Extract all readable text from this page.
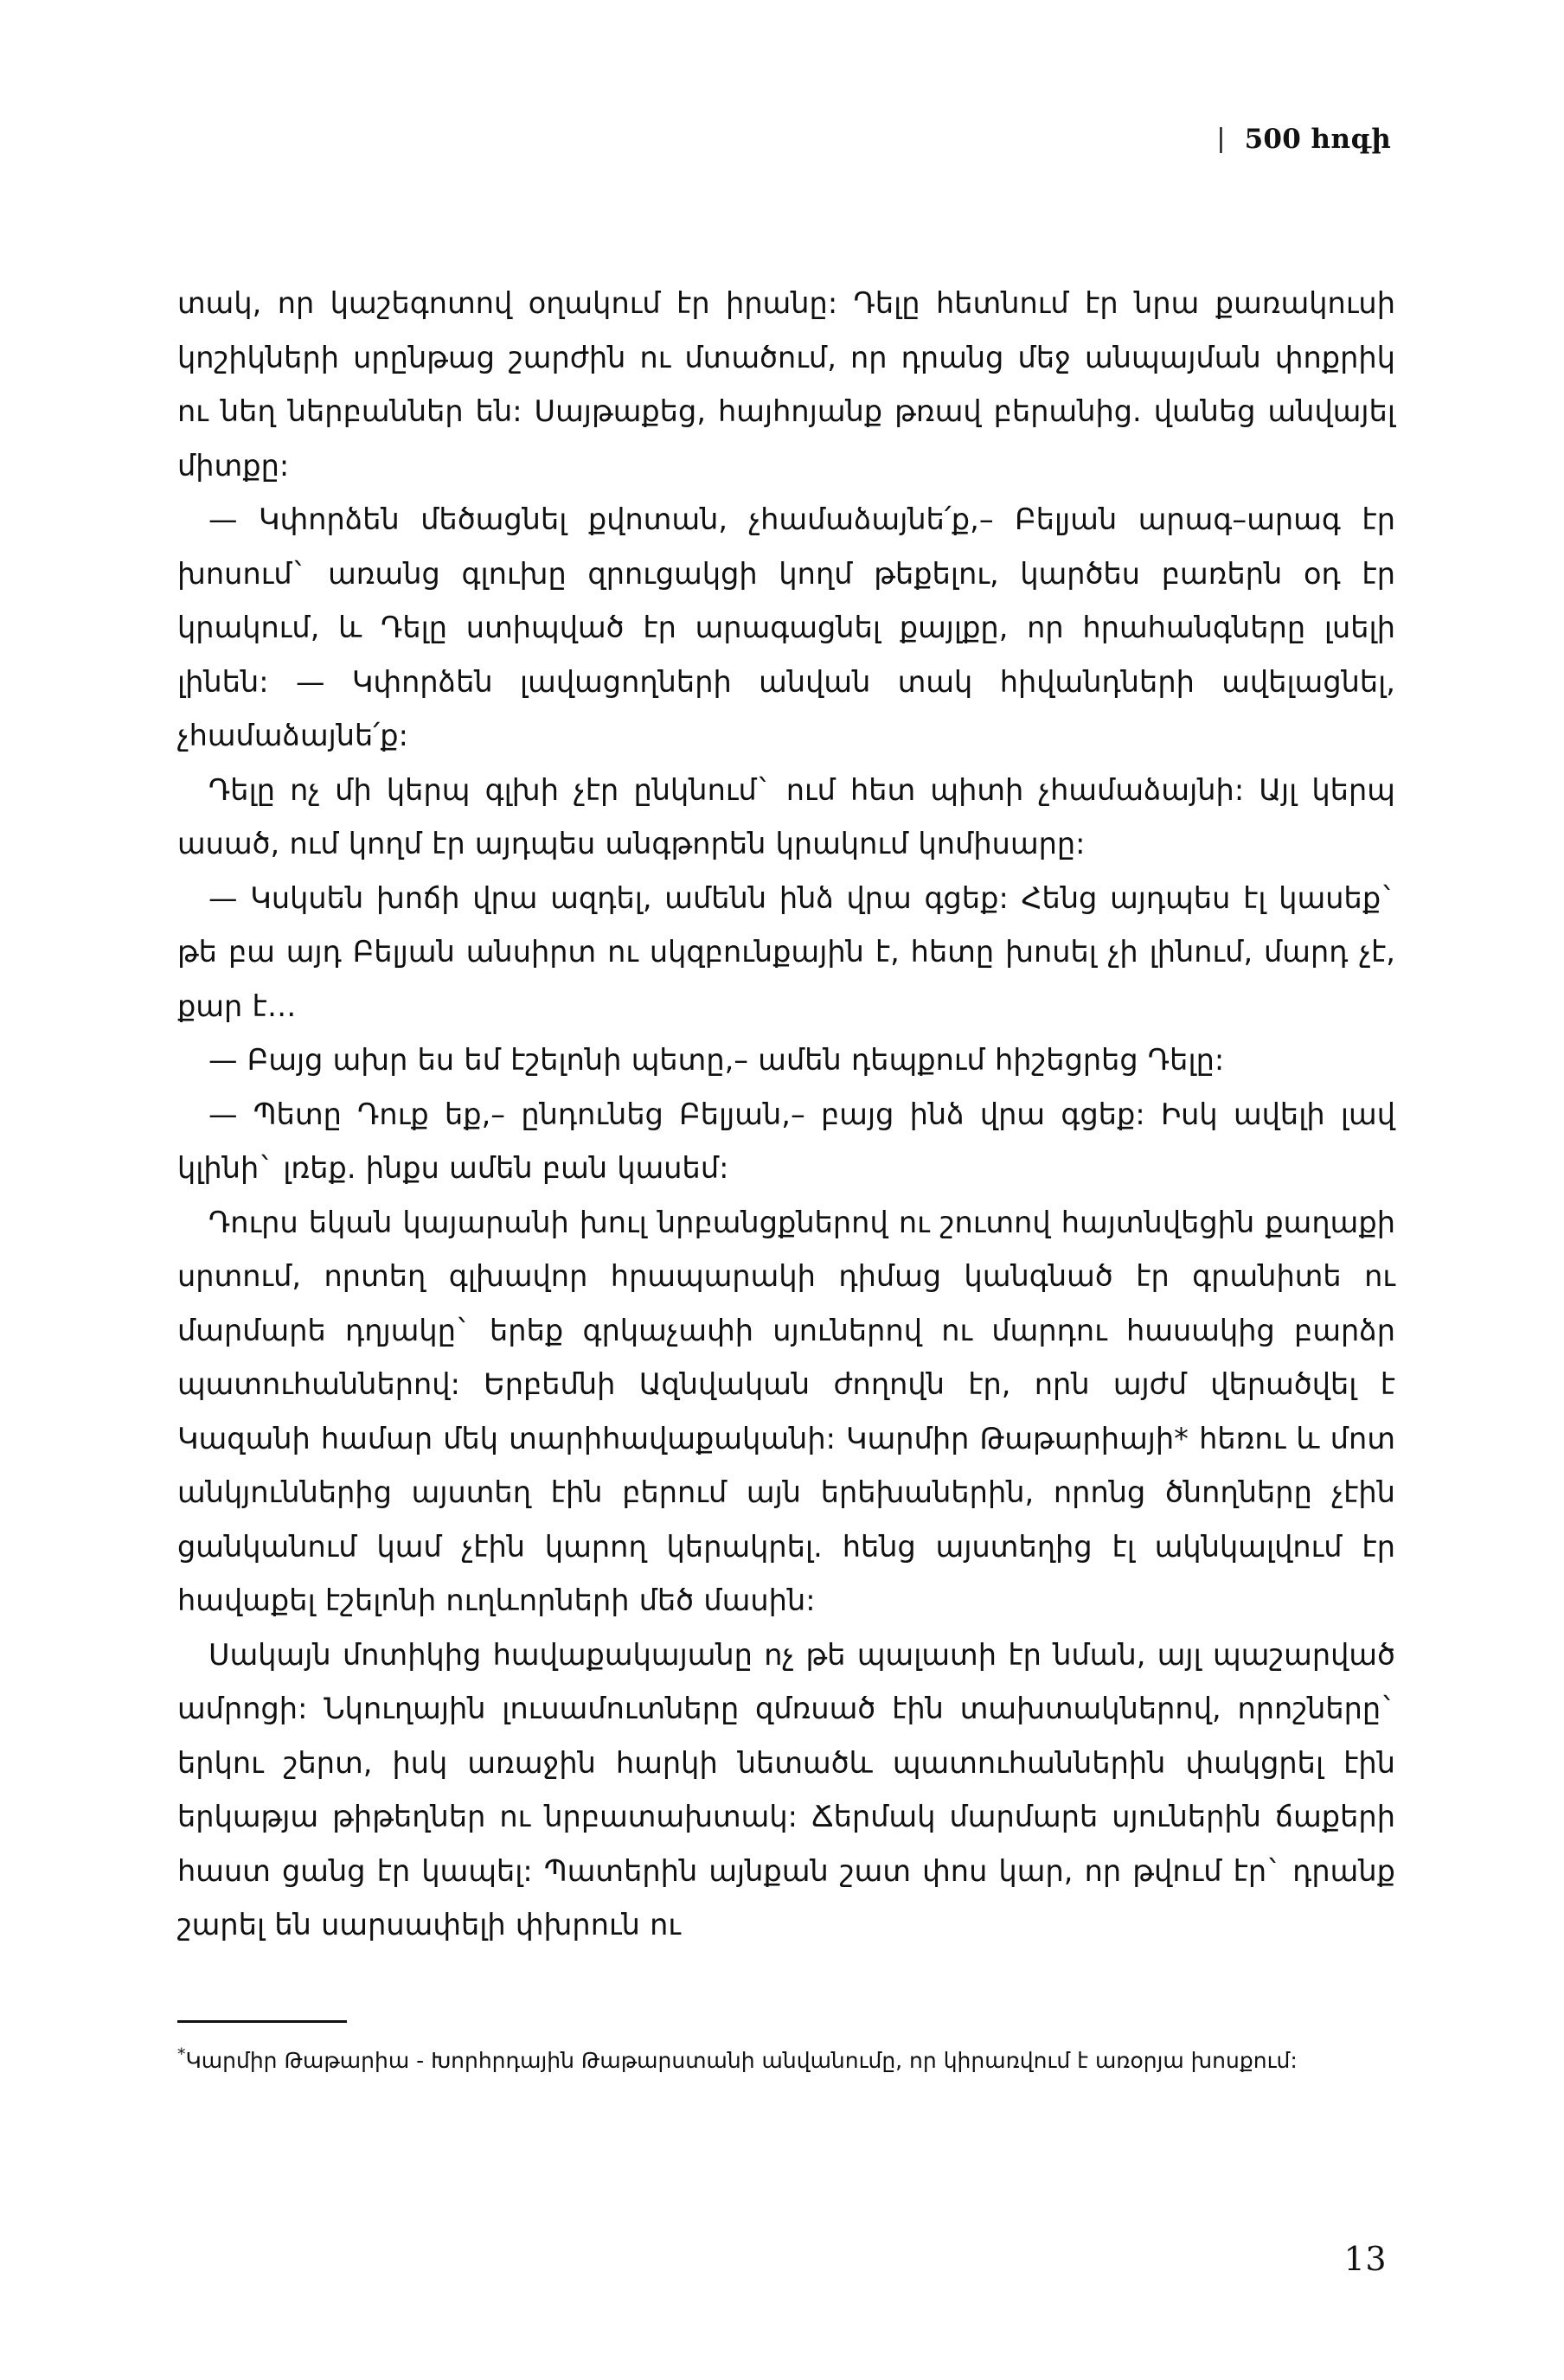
| 500 հոգի

տակ, որ կաշեգոտով օղակում էր իրանը: Դելը հետնում էր նրա քառակուսի կոշիկների սրընթաց շարժին ու մտածում, որ դրանց մեջ անպայման փոքրիկ ու նեղ ներբաններ են: Սայթաքեց, հայհոյանք թռավ բերանից. վանեց անվայել միտքը:

— Կփորձեն մեծացնել քվոտան, չհամաձայնե՛ք,– Բելյան արագ–արագ էր խոսում` առանց գլուխը զրուցակցի կողմ թեքելու, կարծես բառերն օդ էր կրակում, և Դելը ստիպված էր արագացնել քայլքը, որ հրահանգները լսելի լինեն: — Կփորձեն լավացողների անվան տակ հիվանդների ավելացնել, չհամաձայնե՛ք:

Դելը ոչ մի կերպ գլխի չէր ընկնում` ում հետ պիտի չհամաձայնի: Այլ կերպ ասած, ում կողմ էր այդպես անգթորեն կրակում կոմիսարը:

— Կսկսեն խոճի վրա ազդել, ամենն ինձ վրա գցեք: Հենց այդպես էլ կասեք` թե բա այդ Բելյան անսիրտ ու սկզբունքային է, հետը խոսել չի լինում, մարդ չէ, քար է…

— Բայց ախր ես եմ էշելոնի պետը,– ամեն դեպքում հիշեցրեց Դելը:

— Պետը Դուք եք,– ընդունեց Բելյան,– բայց ինձ վրա գցեք: Իսկ ավելի լավ կլինի` լռեք. ինքս ամեն բան կասեմ:

Դուրս եկան կայարանի խուլ նրբանցքներով ու շուտով հայտնվեցին քաղաքի սրտում, որտեղ գլխավոր հրապարակի դիմաց կանգնած էր գրանիտե ու մարմարե դղյակը` երեք գրկաչափի սյուներով ու մարդու հասակից բարձր պատուհաններով: Երբեմնի Ազնվական ժողովն էր, որն այժմ վերածվել է Կազանի համար մեկ տարիհավաքականի: Կարմիր Թաթարիայի* հեռու և մոտ անկյուններից այստեղ էին բերում այն երեխաներին, որոնց ծնողները չէին ցանկանում կամ չէին կարող կերակրել. հենց այստեղից էլ ակնկալվում էր հավաքել էշելոնի ուղևորների մեծ մասին:

Սակայն մոտիկից հավաքակայանը ոչ թե պալատի էր նման, այլ պաշարված ամրոցի: Նկուղային լուսամուտները զմռսած էին տախտակներով, որոշները` երկու շերտ, իսկ առաջին հարկի նետածև պատուհաններին փակցրել էին երկաթյա թիթեղներ ու նրբատախտակ: Ճերմակ մարմարե սյուներին ճաքերի հաստ ցանց էր կապել: Պատերին այնքան շատ փոս կար, որ թվում էր` դրանք շարել են սարսափելի փխրուն ու

*Կարմիր Թաթարիա - Խորհրդային Թաթարստանի անվանումը, որ կիրառվում է առօրյա խոսքում:

13
